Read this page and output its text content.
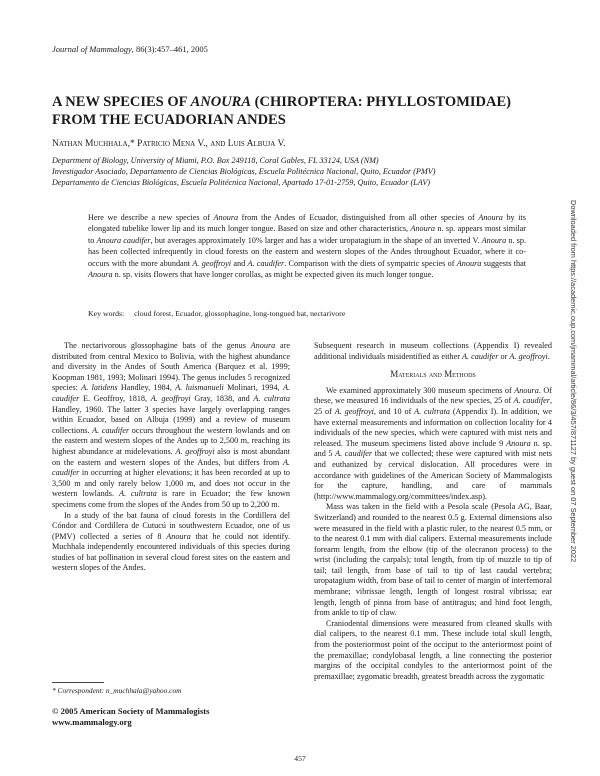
Journal of Mammalogy, 86(3):457–461, 2005
A NEW SPECIES OF ANOURA (CHIROPTERA: PHYLLOSTOMIDAE)
FROM THE ECUADORIAN ANDES
Nathan Muchhala,* Patricio Mena V., and Luis Albuja V.
Department of Biology, University of Miami, P.O. Box 249118, Coral Gables, FL 33124, USA (NM)
Investigador Asociado, Departamento de Ciencias Biológicas, Escuela Politécnica Nacional, Quito, Ecuador (PMV)
Departamento de Ciencias Biológicas, Escuela Politécnica Nacional, Apartado 17-01-2759, Quito, Ecuador (LAV)

Here we describe a new species of Anoura from the Andes of Ecuador, distinguished from all other species of Anoura by its elongated tubelike lower lip and its much longer tongue. Based on size and other characteristics, Anoura n. sp. appears most similar to Anoura caudifer, but averages approximately 10% larger and has a wider uropatagium in the shape of an inverted V. Anoura n. sp. has been collected infrequently in cloud forests on the eastern and western slopes of the Andes throughout Ecuador, where it co-occurs with the more abundant A. geoffroyi and A. caudifer. Comparison with the diets of sympatric species of Anoura suggests that Anoura n. sp. visits flowers that have longer corollas, as might be expected given its much longer tongue.

Key words: cloud forest, Ecuador, glossophagine, long-tongued bat, nectarivore	Downloaded from https://academic.oup.com/jmammal/article/86/3/457/871127 by guest on 07 September 2022

The nectarivorous glossophagine bats of the genus Anoura are distributed from central Mexico to Bolivia, with the highest abundance and diversity in the Andes of South America (Barquez et al. 1999; Koopman 1981, 1993; Molinari 1994). The genus includes 5 recognized species: A. latidens Handley, 1984, A. luismanueli Molinari, 1994, A. caudifer E. Geoffroy, 1818, A. geoffroyi Gray, 1838, and A. cultrata Handley, 1960. The latter 3 species have largely overlapping ranges within Ecuador, based on Albuja (1999) and a review of museum collections. A. caudifer occurs throughout the western lowlands and on the eastern and western slopes of the Andes up to 2,500 m, reaching its highest abundance at midelevations. A. geoffroyi also is most abundant on the eastern and western slopes of the Andes, but differs from A. caudifer in occurring at higher elevations; it has been recorded at up to 3,500 m and only rarely below 1,000 m, and does not occur in the western lowlands. A. cultrata is rare in Ecuador; the few known specimens come from the slopes of the Andes from 50 up to 2,200 m.

In a study of the bat fauna of cloud forests in the Cordillera del Cóndor and Cordillera de Cutucú in southwestern Ecuador, one of us (PMV) collected a series of 8 Anoura that he could not identify. Muchhala independently encountered individuals of this species during studies of bat pollination in several cloud forest sites on the eastern and western slopes of the Andes.

Subsequent research in museum collections (Appendix I) revealed additional individuals misidentified as either A. caudifer or A. geoffroyi.

Materials and Methods

We examined approximately 300 museum specimens of Anoura. Of these, we measured 16 individuals of the new species, 25 of A. caudifer, 25 of A. geoffroyi, and 10 of A. cultrata (Appendix I). In addition, we have external measurements and information on collection locality for 4 individuals of the new species, which were captured with mist nets and released. The museum specimens listed above include 9 Anoura n. sp. and 5 A. caudifer that we collected; these were captured with mist nets and euthanized by cervical dislocation. All procedures were in accordance with guidelines of the American Society of Mammalogists for the capture, handling, and care of mammals (http://www.mammalogy.org/committees/index.asp).

Mass was taken in the field with a Pesola scale (Pesola AG, Baar, Switzerland) and rounded to the nearest 0.5 g. External dimensions also were measured in the field with a plastic ruler, to the nearest 0.5 mm, or to the nearest 0.1 mm with dial calipers. External measurements include forearm length, from the elbow (tip of the olecranon process) to the wrist (including the carpals); total length, from tip of muzzle to tip of tail; tail length, from base of tail to tip of last caudal vertebra; uropatagium width, from base of tail to center of margin of interfemoral membrane; vibrissae length, length of longest rostral vibrissa; ear length, length of pinna from base of antitragus; and hind foot length, from ankle to tip of claw.

Craniodental dimensions were measured from cleaned skulls with dial calipers, to the nearest 0.1 mm. These include total skull length, from the posteriormost point of the occiput to the anteriormost point of the premaxillae; condylobasal length, a line connecting the posterior margins of the occipital condyles to the anteriormost point of the premaxillae; zygomatic breadth, greatest breadth across the zygomatic

* Correspondent: n_muchhala@yahoo.com
© 2005 American Society of Mammalogists
www.mammalogy.org
457
